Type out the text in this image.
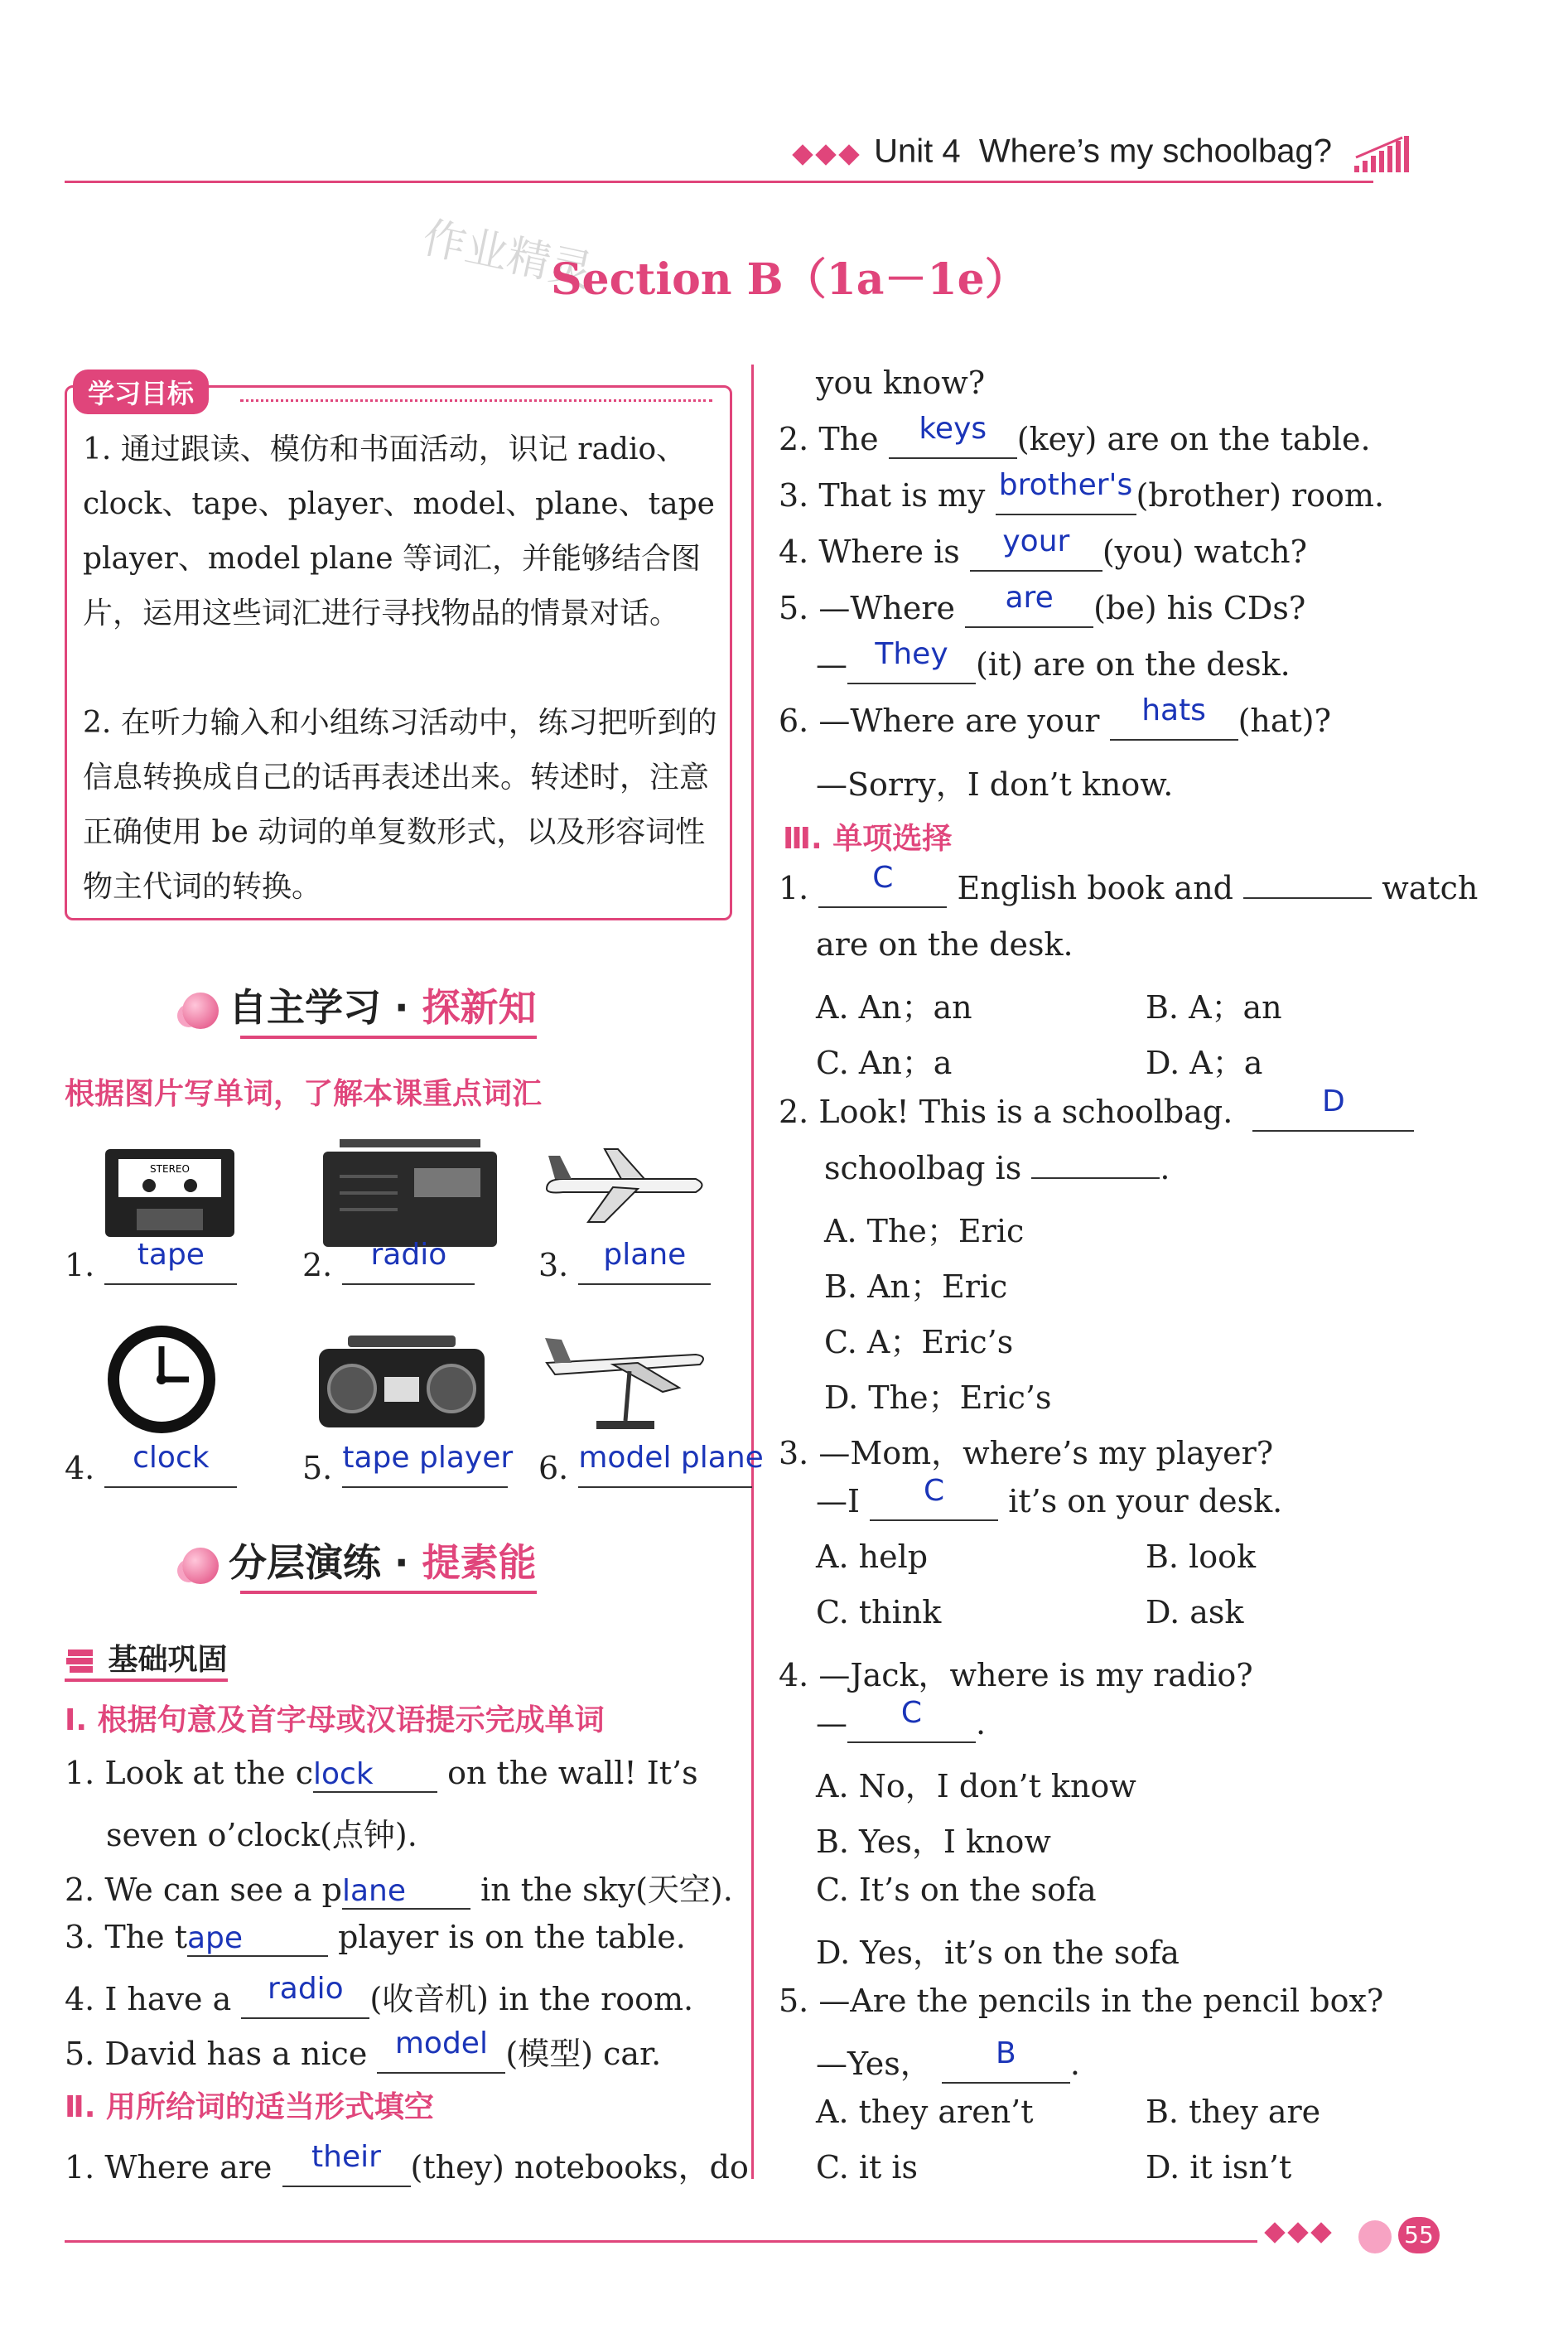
Unit 4 Where’s my schoolbag?
作业精灵
Section B（1a－1e）
学习目标
1. 通过跟读、模仿和书面活动，识记 radio、clock、tape、player、model、plane、tape player、model plane 等词汇，并能够结合图片，运用这些词汇进行寻找物品的情景对话。
2. 在听力输入和小组练习活动中，练习把听到的信息转换成自己的话再表述出来。转述时，注意正确使用 be 动词的单复数形式，以及形容词性物主代词的转换。
自主学习 · 探新知
根据图片写单词，了解本课重点词汇
STEREO
1. tape	2. radio	3. plane
4. clock	5. tape player 6. model plane
分层演练 · 提素能
基础巩固
Ⅰ. 根据句意及首字母或汉语提示完成单词
1. Look at the clock on the wall! It’s
seven o’clock(点钟).
2. We can see a plane in the sky(天空).
3. The tape	player is on the table.
4. I have a radio (收音机) in the room.
5. David has a nice model (模型) car.
Ⅱ. 用所给词的适当形式填空
1. Where are their (they) notebooks，do
you know?
2. The keys (key) are on the table.
3. That is my brother's (brother) room.
4. Where is your (you) watch?
5. —Where are (be) his CDs?
— They (it) are on the desk.
6. —Where are your hats (hat)?
—Sorry，I don’t know.
Ⅲ. 单项选择
1. C English book and	watch
are on the desk.
A. An；an	B. A；an
C. An；a	D. A；a
2. Look! This is a schoolbag.	D
schoolbag is	.
A. The；Eric
B. An；Eric
C. A；Eric’s
D. The；Eric’s
3. —Mom，where’s my player?
—I C it’s on your desk.
A. help	B. look
C. think	D. ask
4. —Jack，where is my radio?
— C .
A. No，I don’t know
B. Yes，I know
C. It’s on the sofa
D. Yes，it’s on the sofa
5. —Are the pencils in the pencil box?
—Yes， B .
A. they aren’t	B. they are
C. it is	D. it isn’t
55
